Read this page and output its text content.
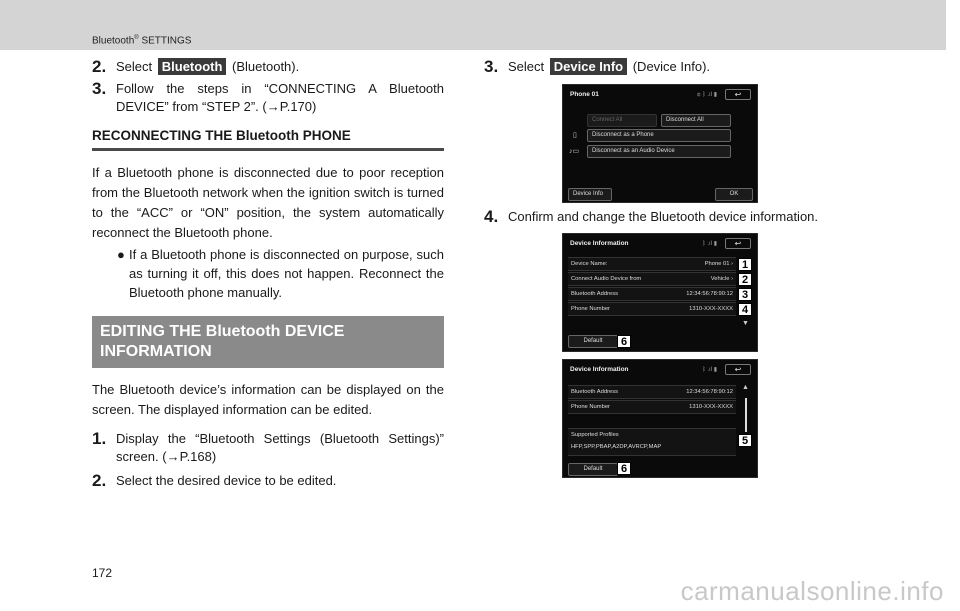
Bluetooth® SETTINGS
2. Select Bluetooth (Bluetooth).
3. Follow the steps in “CONNECTING A Bluetooth DEVICE” from “STEP 2”. (→P.170)
RECONNECTING THE Bluetooth PHONE

If a Bluetooth phone is disconnected due to poor reception from the Bluetooth network when the ignition switch is turned to the “ACC” or “ON” position, the system automatically reconnect the Bluetooth phone.

● If a Bluetooth phone is disconnected on purpose, such as turning it off, this does not happen. Reconnect the Bluetooth phone manually.
EDITING THE Bluetooth DEVICE INFORMATION

The Bluetooth device’s information can be displayed on the screen. The displayed information can be edited.

1. Display the “Bluetooth Settings (Bluetooth Settings)” screen. (→P.168)
2. Select the desired device to be edited.
3. Select Device Info (Device Info).
4. Confirm and change the Bluetooth device information.
Phone 01	⚙ ᛒ .ıl ▮	↩
Connect All	Disconnect All
▯	Disconnect as a Phone
♪▭	Disconnect as an Audio Device
Device Info	OK
Device Information	ᛒ .ıl ▮	↩
Device Name:	Phone 01 ›
Connect Audio Device from	Vehicle ›
Bluetooth Address	12:34:56:78:90:12
Phone Number	1310-XXX-XXXX
1
2
3
4
▼
Default	6
Device Information	ᛒ .ıl ▮	↩
Bluetooth Address	12:34:56:78:90:12
Phone Number	1310-XXX-XXXX
Supported Profiles
HFP,SPP,PBAP,A2DP,AVRCP,MAP
▲
5
Default	6
172
carmanualsonline.info
